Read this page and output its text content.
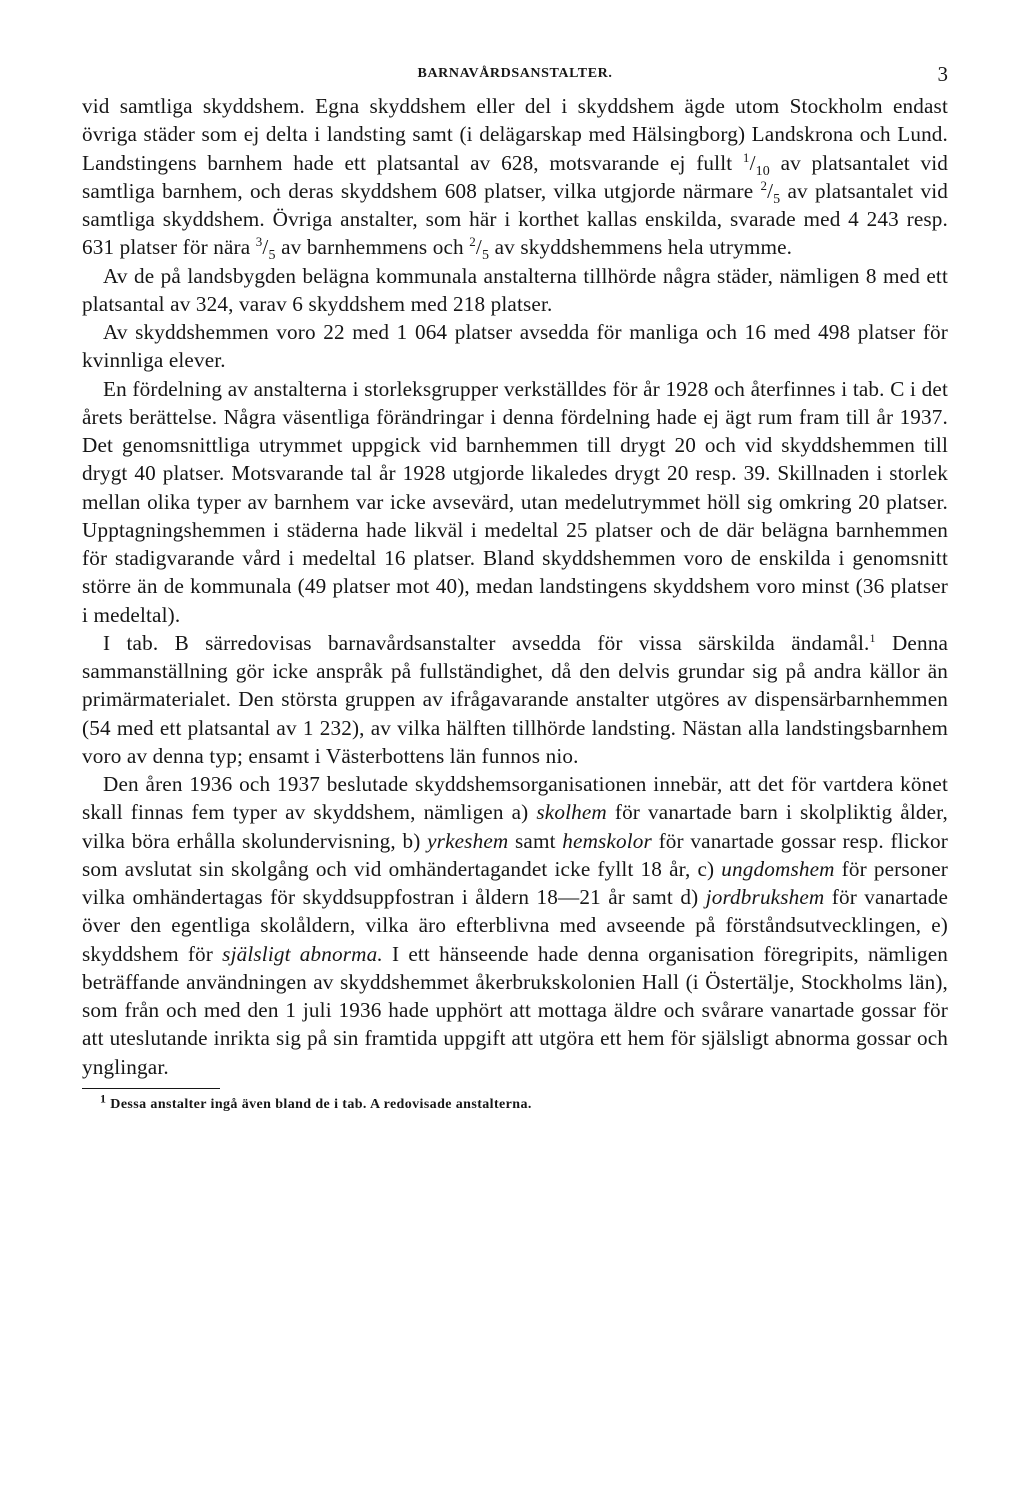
BARNAVÅRDSANSTALTER.	3

vid samtliga skyddshem. Egna skyddshem eller del i skyddshem ägde utom Stockholm endast övriga städer som ej delta i landsting samt (i delägarskap med Hälsingborg) Landskrona och Lund. Landstingens barnhem hade ett platsantal av 628, motsvarande ej fullt $^1/_{10}$ av platsantalet vid samtliga barnhem, och deras skyddshem 608 platser, vilka utgjorde närmare $^2/_5$ av platsantalet vid samtliga skyddshem. Övriga anstalter, som här i korthet kallas enskilda, svarade med 4 243 resp. 631 platser för nära $^3/_5$ av barnhemmens och $^2/_5$ av skyddshemmens hela utrymme.

Av de på landsbygden belägna kommunala anstalterna tillhörde några städer, nämligen 8 med ett platsantal av 324, varav 6 skyddshem med 218 platser.

Av skyddshemmen voro 22 med 1 064 platser avsedda för manliga och 16 med 498 platser för kvinnliga elever.

En fördelning av anstalterna i storleksgrupper verkställdes för år 1928 och återfinnes i tab. C i det årets berättelse. Några väsentliga förändringar i denna fördelning hade ej ägt rum fram till år 1937. Det genomsnittliga utrymmet uppgick vid barnhemmen till drygt 20 och vid skyddshemmen till drygt 40 platser. Motsvarande tal år 1928 utgjorde likaledes drygt 20 resp. 39. Skillnaden i storlek mellan olika typer av barnhem var icke avsevärd, utan medelutrymmet höll sig omkring 20 platser. Upptagningshemmen i städerna hade likväl i medeltal 25 platser och de där belägna barnhemmen för stadigvarande vård i medeltal 16 platser. Bland skyddshemmen voro de enskilda i genomsnitt större än de kommunala (49 platser mot 40), medan landstingens skyddshem voro minst (36 platser i medeltal).

I tab. B särredovisas barnavårdsanstalter avsedda för vissa särskilda ändamål.$^1$ Denna sammanställning gör icke anspråk på fullständighet, då den delvis grundar sig på andra källor än primärmaterialet. Den största gruppen av ifrågavarande anstalter utgöres av dispensärbarnhemmen (54 med ett platsantal av 1 232), av vilka hälften tillhörde landsting. Nästan alla landstingsbarnhem voro av denna typ; ensamt i Västerbottens län funnos nio.

Den åren 1936 och 1937 beslutade skyddshemsorganisationen innebär, att det för vartdera könet skall finnas fem typer av skyddshem, nämligen a) skolhem för vanartade barn i skolpliktig ålder, vilka böra erhålla skolundervisning, b) yrkeshem samt hemskolor för vanartade gossar resp. flickor som avslutat sin skolgång och vid omhändertagandet icke fyllt 18 år, c) ungdomshem för personer vilka omhändertagas för skyddsuppfostran i åldern 18—21 år samt d) jordbrukshem för vanartade över den egentliga skolåldern, vilka äro efterblivna med avseende på förståndsutvecklingen, e) skyddshem för själsligt abnorma. I ett hänseende hade denna organisation föregripits, nämligen beträffande användningen av skyddshemmet åkerbrukskolonien Hall (i Östertälje, Stockholms län), som från och med den 1 juli 1936 hade upphört att mottaga äldre och svårare vanartade gossar för att uteslutande inrikta sig på sin framtida uppgift att utgöra ett hem för själsligt abnorma gossar och ynglingar.

$^1$ Dessa anstalter ingå även bland de i tab. A redovisade anstalterna.
